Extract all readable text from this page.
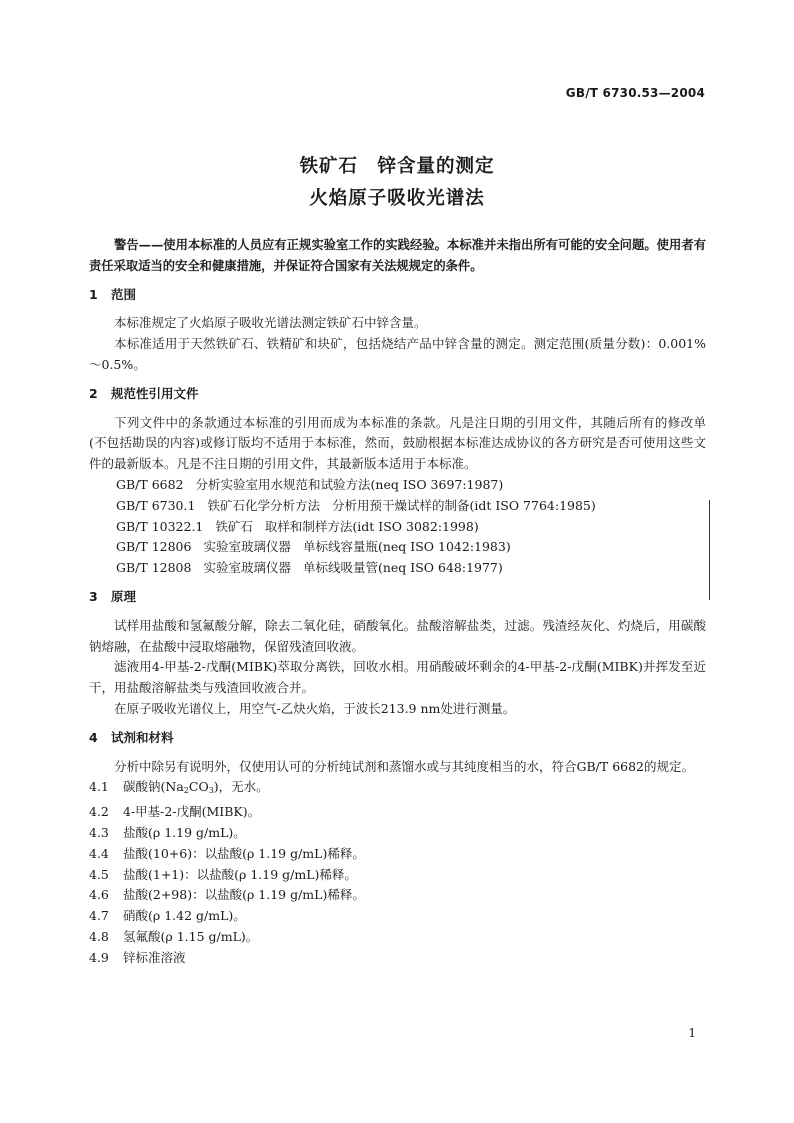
GB/T 6730.53—2004
铁矿石　锌含量的测定
火焰原子吸收光谱法

警告——使用本标准的人员应有正规实验室工作的实践经验。本标准并未指出所有可能的安全问题。使用者有责任采取适当的安全和健康措施，并保证符合国家有关法规规定的条件。

1 范围

本标准规定了火焰原子吸收光谱法测定铁矿石中锌含量。

本标准适用于天然铁矿石、铁精矿和块矿，包括烧结产品中锌含量的测定。测定范围(质量分数)：0.001%～0.5%。

2 规范性引用文件

下列文件中的条款通过本标准的引用而成为本标准的条款。凡是注日期的引用文件，其随后所有的修改单(不包括勘误的内容)或修订版均不适用于本标准，然而，鼓励根据本标准达成协议的各方研究是否可使用这些文件的最新版本。凡是不注日期的引用文件，其最新版本适用于本标准。

GB/T 6682 分析实验室用水规范和试验方法(neq ISO 3697:1987)
GB/T 6730.1 铁矿石化学分析方法 分析用预干燥试样的制备(idt ISO 7764:1985)
GB/T 10322.1 铁矿石 取样和制样方法(idt ISO 3082:1998)
GB/T 12806 实验室玻璃仪器 单标线容量瓶(neq ISO 1042:1983)
GB/T 12808 实验室玻璃仪器 单标线吸量管(neq ISO 648:1977)
3 原理

试样用盐酸和氢氟酸分解，除去二氧化硅，硝酸氧化。盐酸溶解盐类，过滤。残渣经灰化、灼烧后，用碳酸钠熔融，在盐酸中浸取熔融物，保留残渣回收液。

滤液用4-甲基-2-戊酮(MIBK)萃取分离铁，回收水相。用硝酸破坏剩余的4-甲基-2-戊酮(MIBK)并挥发至近干，用盐酸溶解盐类与残渣回收液合并。

在原子吸收光谱仪上，用空气-乙炔火焰，于波长213.9 nm处进行测量。

4 试剂和材料

分析中除另有说明外，仅使用认可的分析纯试剂和蒸馏水或与其纯度相当的水，符合GB/T 6682的规定。

4.1 碳酸钠$(Na_2CO_3)$，无水。
4.2 4-甲基-2-戊酮(MIBK)。
4.3 盐酸(ρ 1.19 g/mL)。
4.4 盐酸(10+6)：以盐酸(ρ 1.19 g/mL)稀释。
4.5 盐酸(1+1)：以盐酸(ρ 1.19 g/mL)稀释。
4.6 盐酸(2+98)：以盐酸(ρ 1.19 g/mL)稀释。
4.7 硝酸(ρ 1.42 g/mL)。
4.8 氢氟酸(ρ 1.15 g/mL)。
4.9 锌标准溶液
1
